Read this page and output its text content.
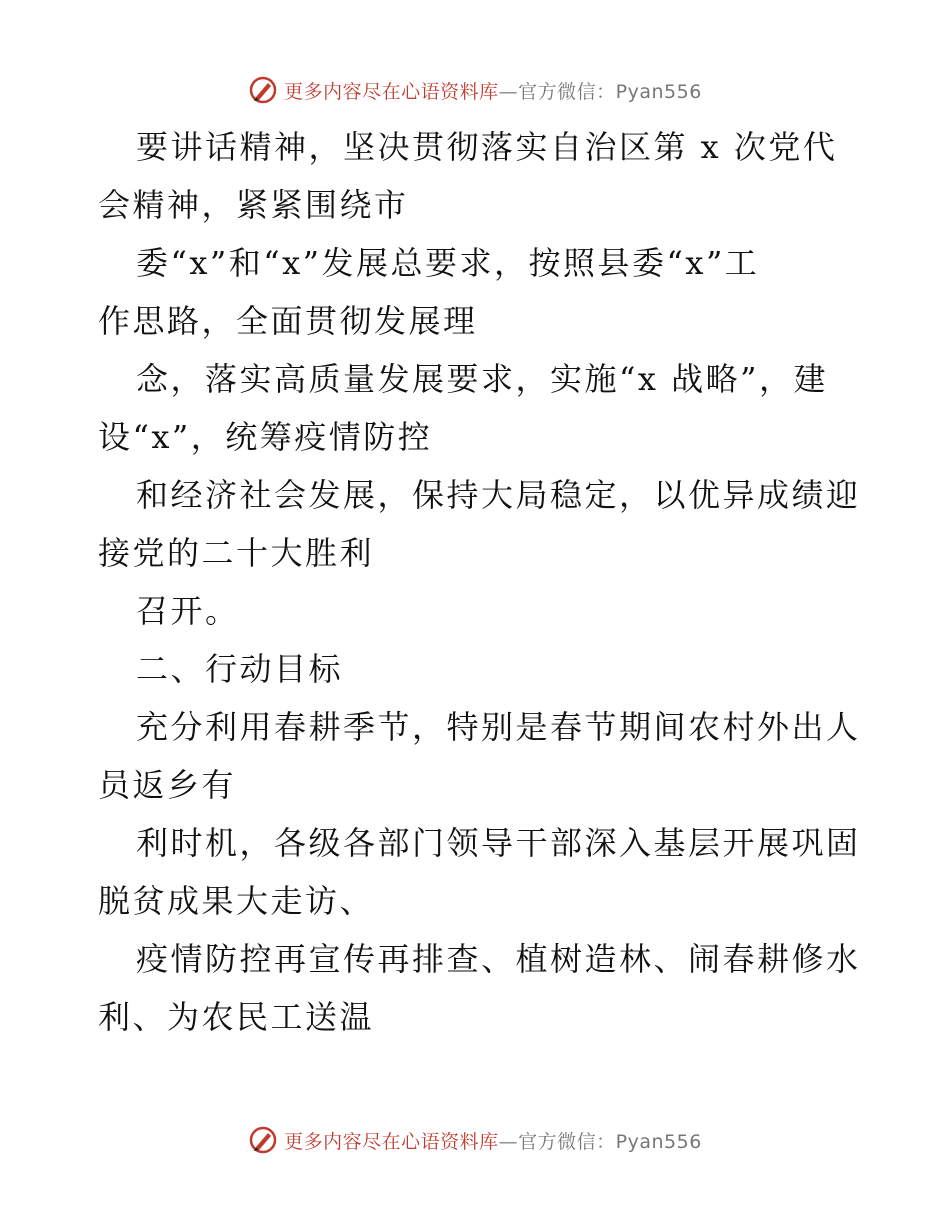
更多内容尽在心语资料库—官方微信：Pyan556
要讲话精神，坚决贯彻落实自治区第 x 次党代
会精神，紧紧围绕市
委“x”和“x”发展总要求，按照县委“x”工
作思路，全面贯彻发展理
念，落实高质量发展要求，实施“x 战略”，建
设“x”，统筹疫情防控
和经济社会发展，保持大局稳定，以优异成绩迎
接党的二十大胜利
召开。
二、行动目标
充分利用春耕季节，特别是春节期间农村外出人
员返乡有
利时机，各级各部门领导干部深入基层开展巩固
脱贫成果大走访、
疫情防控再宣传再排查、植树造林、闹春耕修水
利、为农民工送温
更多内容尽在心语资料库—官方微信：Pyan556
